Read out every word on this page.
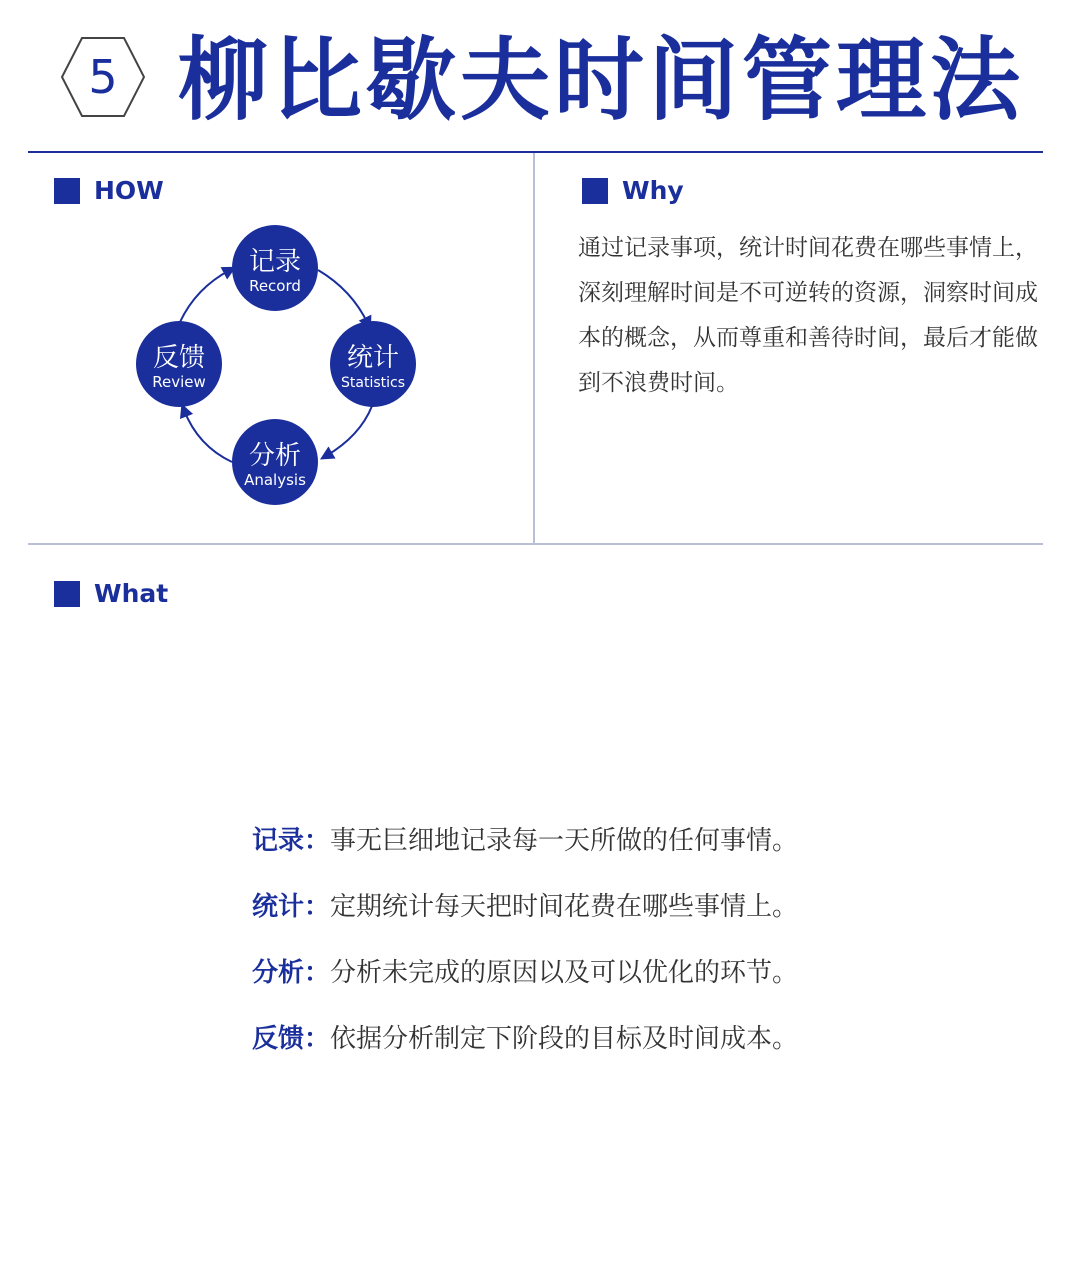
5 柳比歇夫时间管理法
HOW
记录
Record
统计
Statistics
分析
Analysis
反馈
Review
Why
通过记录事项，统计时间花费在哪些事情上，深刻理解时间是不可逆转的资源，洞察时间成本的概念，从而尊重和善待时间，最后才能做到不浪费时间。
What
记录：事无巨细地记录每一天所做的任何事情。
统计：定期统计每天把时间花费在哪些事情上。
分析：分析未完成的原因以及可以优化的环节。
反馈：依据分析制定下阶段的目标及时间成本。
